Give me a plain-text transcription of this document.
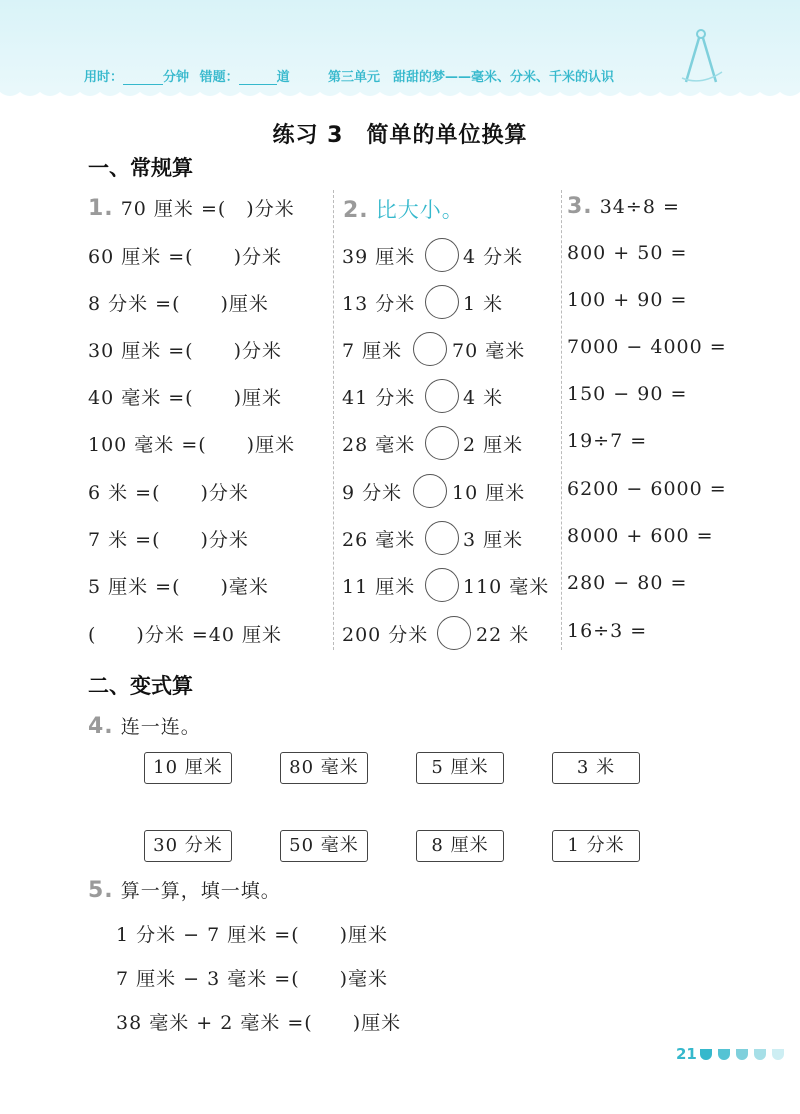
用时：	分钟 错题：	道	第三单元　甜甜的梦——毫米、分米、千米的认识
练习 3　简单的单位换算
一、常规算
1. 70 厘米 =(　)分米
60 厘米 =(　　)分米
8 分米 =(　　)厘米
30 厘米 =(　　)分米
40 毫米 =(　　)厘米
100 毫米 =(　　)厘米
6 米 =(　　)分米
7 米 =(　　)分米
5 厘米 =(　　)毫米
(　　)分米 =40 厘米
2. 比大小。
39 厘米	4 分米
13 分米	1 米
7 厘米	70 毫米
41 分米	4 米
28 毫米	2 厘米
9 分米	10 厘米
26 毫米	3 厘米
11 厘米	110 毫米
200 分米	22 米
3. 34÷8 =
800 + 50 =
100 + 90 =
7000 − 4000 =
150 − 90 =
19÷7 =
6200 − 6000 =
8000 + 600 =
280 − 80 =
16÷3 =
二、变式算
4. 连一连。
10 厘米	80 毫米	5 厘米	3 米
30 分米	50 毫米	8 厘米	1 分米
5. 算一算，填一填。
1 分米 − 7 厘米 =(　　)厘米
7 厘米 − 3 毫米 =(　　)毫米
38 毫米 + 2 毫米 =(　　)厘米
21
